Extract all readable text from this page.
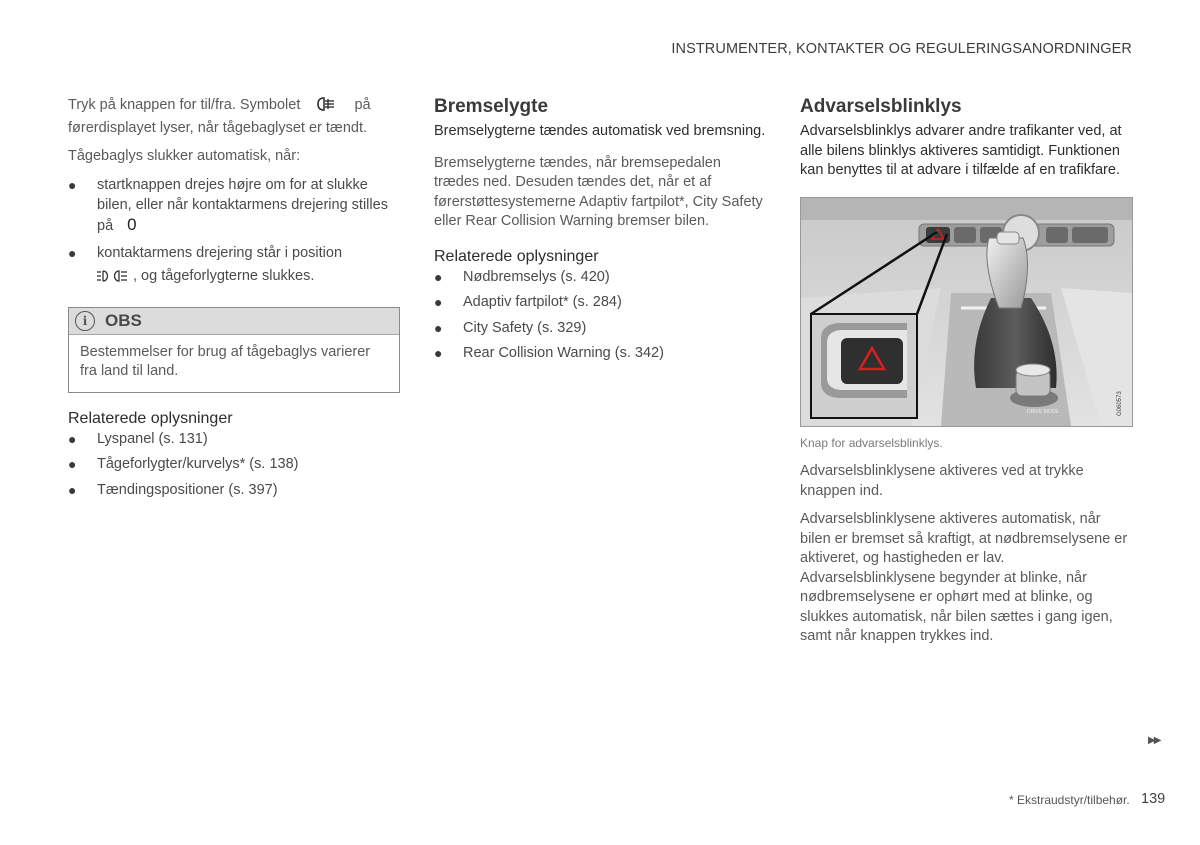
INSTRUMENTER, KONTAKTER OG REGULERINGSANORDNINGER

Tryk på knappen for til/fra. Symbolet	på førerdisplayet lyser, når tågebaglyset er tændt.

Tågebaglys slukker automatisk, når:

● startknappen drejes højre om for at slukke bilen, eller når kontaktarmens drejering stilles på 0
● kontaktarmens drejering står i position
, og tågeforlygterne slukkes.
i	OBS

Bestemmelser for brug af tågebaglys varierer fra land til land.

Relaterede oplysninger
● Lyspanel (s. 131)
● Tågeforlygter/kurvelys* (s. 138)
● Tændingspositioner (s. 397)
Bremselygte

Bremselygterne tændes automatisk ved bremsning.

Bremselygterne tændes, når bremsepedalen trædes ned. Desuden tændes det, når et af førerstøttesystemerne Adaptiv fartpilot*, City Safety eller Rear Collision Warning bremser bilen.

Relaterede oplysninger
● Nødbremselys (s. 420)
● Adaptiv fartpilot* (s. 284)
● City Safety (s. 329)
● Rear Collision Warning (s. 342)
Advarselsblinklys

Advarselsblinklys advarer andre trafikanter ved, at alle bilens blinklys aktiveres samtidigt. Funktionen kan benyttes til at advare i tilfælde af en trafikfare.

DRIVE MODE	G060573

Knap for advarselsblinklys.

Advarselsblinklysene aktiveres ved at trykke knappen ind.

Advarselsblinklysene aktiveres automatisk, når bilen er bremset så kraftigt, at nødbremselysene er aktiveret, og hastigheden er lav. Advarselsblinklysene begynder at blinke, når nødbremselysene er ophørt med at blinke, og slukkes automatisk, når bilen sættes i gang igen, samt når knappen trykkes ind.

▶▶
* Ekstraudstyr/tilbehør. 139
